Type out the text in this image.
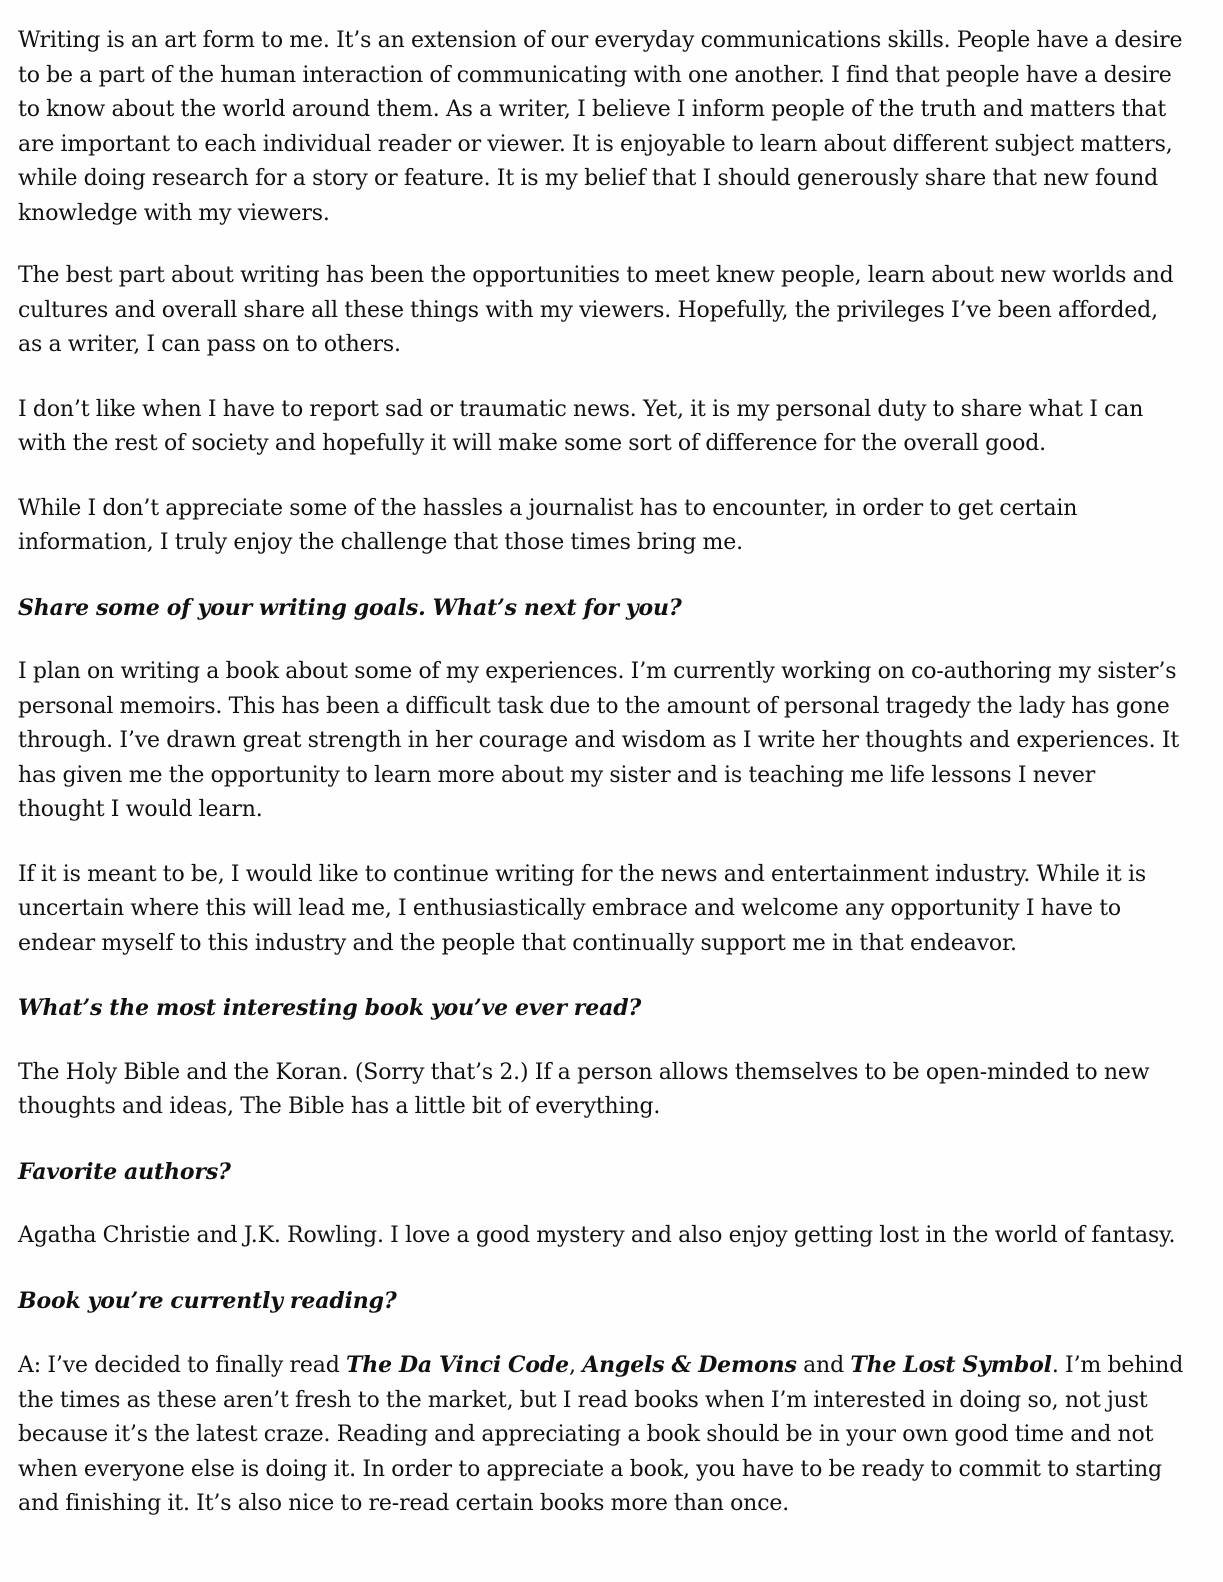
Writing is an art form to me. It’s an extension of our everyday communications skills. People have a desire to be a part of the human interaction of communicating with one another. I find that people have a desire to know about the world around them. As a writer, I believe I inform people of the truth and matters that are important to each individual reader or viewer. It is enjoyable to learn about different subject matters, while doing research for a story or feature. It is my belief that I should generously share that new found knowledge with my viewers.

The best part about writing has been the opportunities to meet knew people, learn about new worlds and cultures and overall share all these things with my viewers. Hopefully, the privileges I’ve been afforded, as a writer, I can pass on to others.

I don’t like when I have to report sad or traumatic news. Yet, it is my personal duty to share what I can with the rest of society and hopefully it will make some sort of difference for the overall good.

While I don’t appreciate some of the hassles a journalist has to encounter, in order to get certain information, I truly enjoy the challenge that those times bring me.

Share some of your writing goals. What’s next for you?

I plan on writing a book about some of my experiences. I’m currently working on co-authoring my sister’s personal memoirs. This has been a difficult task due to the amount of personal tragedy the lady has gone through. I’ve drawn great strength in her courage and wisdom as I write her thoughts and experiences. It has given me the opportunity to learn more about my sister and is teaching me life lessons I never thought I would learn.

If it is meant to be, I would like to continue writing for the news and entertainment industry. While it is uncertain where this will lead me, I enthusiastically embrace and welcome any opportunity I have to endear myself to this industry and the people that continually support me in that endeavor.

What’s the most interesting book you’ve ever read?

The Holy Bible and the Koran. (Sorry that’s 2.) If a person allows themselves to be open-minded to new thoughts and ideas, The Bible has a little bit of everything.

Favorite authors?

Agatha Christie and J.K. Rowling. I love a good mystery and also enjoy getting lost in the world of fantasy.

Book you’re currently reading?

A: I’ve decided to finally read The Da Vinci Code, Angels & Demons and The Lost Symbol. I’m behind the times as these aren’t fresh to the market, but I read books when I’m interested in doing so, not just because it’s the latest craze. Reading and appreciating a book should be in your own good time and not when everyone else is doing it. In order to appreciate a book, you have to be ready to commit to starting and finishing it. It’s also nice to re-read certain books more than once.
